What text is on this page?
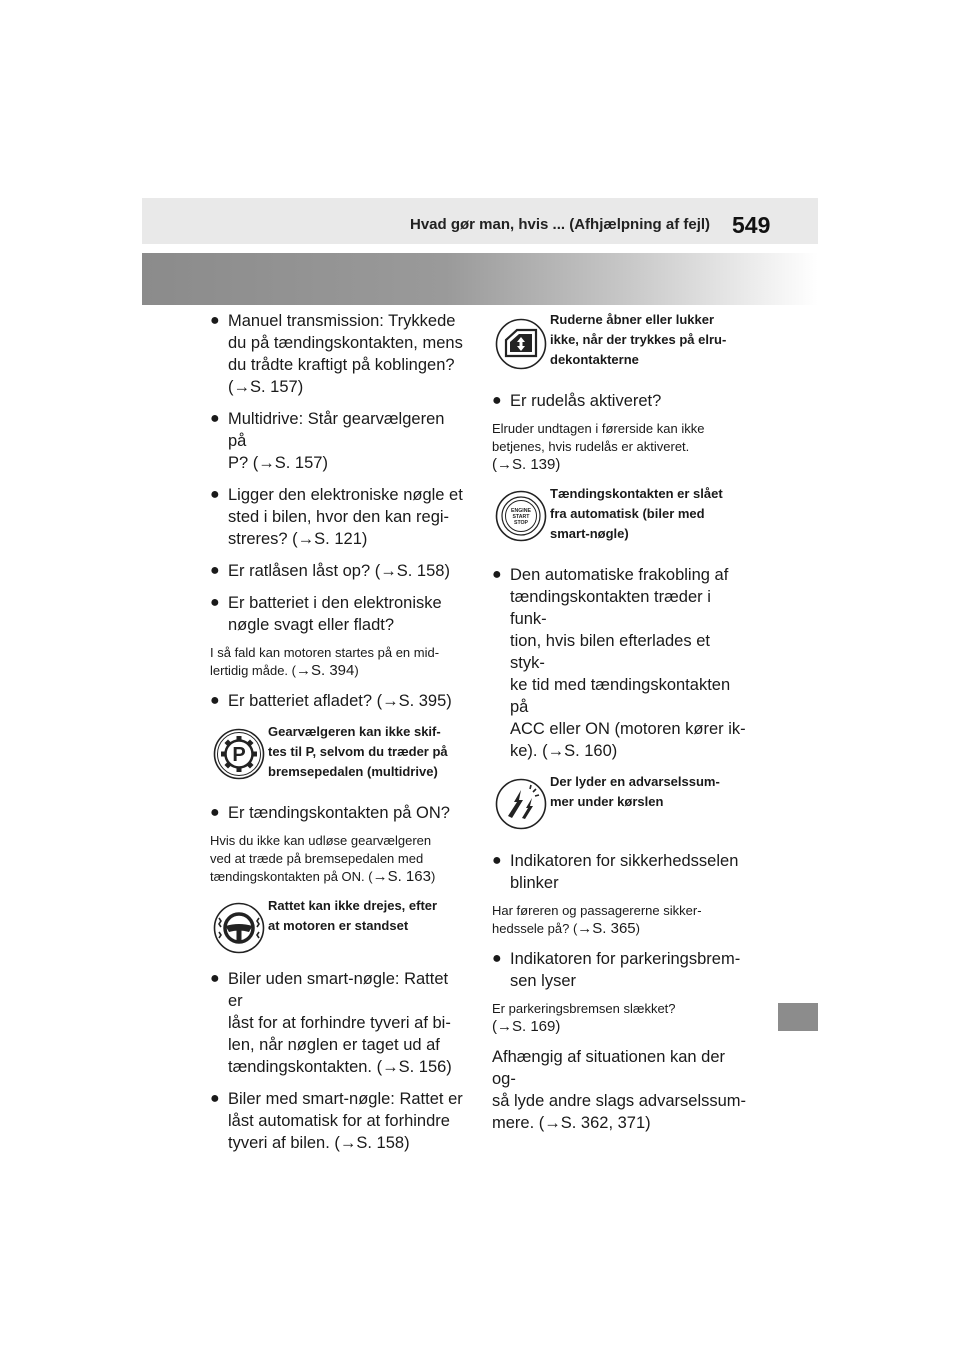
Hvad gør man, hvis ... (Afhjælpning af fejl) 549
● Manuel transmission: Trykkede
du på tændingskontakten, mens
du trådte kraftigt på koblingen?
(→S. 157)
● Multidrive: Står gearvælgeren på
P? (→S. 157)
● Ligger den elektroniske nøgle et
sted i bilen, hvor den kan regi-
streres? (→S. 121)
● Er ratlåsen låst op? (→S. 158)
● Er batteriet i den elektroniske
nøgle svagt eller fladt?
I så fald kan motoren startes på en mid-
lertidig måde. (→S. 394)
● Er batteriet afladet? (→S. 395)
P
Gearvælgeren kan ikke skif-
tes til P, selvom du træder på
bremsepedalen (multidrive)
● Er tændingskontakten på ON?
Hvis du ikke kan udløse gearvælgeren
ved at træde på bremsepedalen med
tændingskontakten på ON. (→S. 163)
Rattet kan ikke drejes, efter
at motoren er standset
● Biler uden smart-nøgle: Rattet er
låst for at forhindre tyveri af bi-
len, når nøglen er taget ud af
tændingskontakten. (→S. 156)
● Biler med smart-nøgle: Rattet er
låst automatisk for at forhindre
tyveri af bilen. (→S. 158)
Ruderne åbner eller lukker
ikke, når der trykkes på elru-
dekontakterne
● Er rudelås aktiveret?
Elruder undtagen i førerside kan ikke
betjenes, hvis rudelås er aktiveret.
(→S. 139)
ENGINE
START
STOP
Tændingskontakten er slået
fra automatisk (biler med
smart-nøgle)
● Den automatiske frakobling af
tændingskontakten træder i funk-
tion, hvis bilen efterlades et styk-
ke tid med tændingskontakten på
ACC eller ON (motoren kører ik-
ke). (→S. 160)
Der lyder en advarselssum-
mer under kørslen
● Indikatoren for sikkerhedsselen
blinker
Har føreren og passagererne sikker-
hedssele på? (→S. 365)
● Indikatoren for parkeringsbrem-
sen lyser
Er parkeringsbremsen slækket?
(→S. 169)
Afhængig af situationen kan der og-
så lyde andre slags advarselssum-
mere. (→S. 362, 371)
